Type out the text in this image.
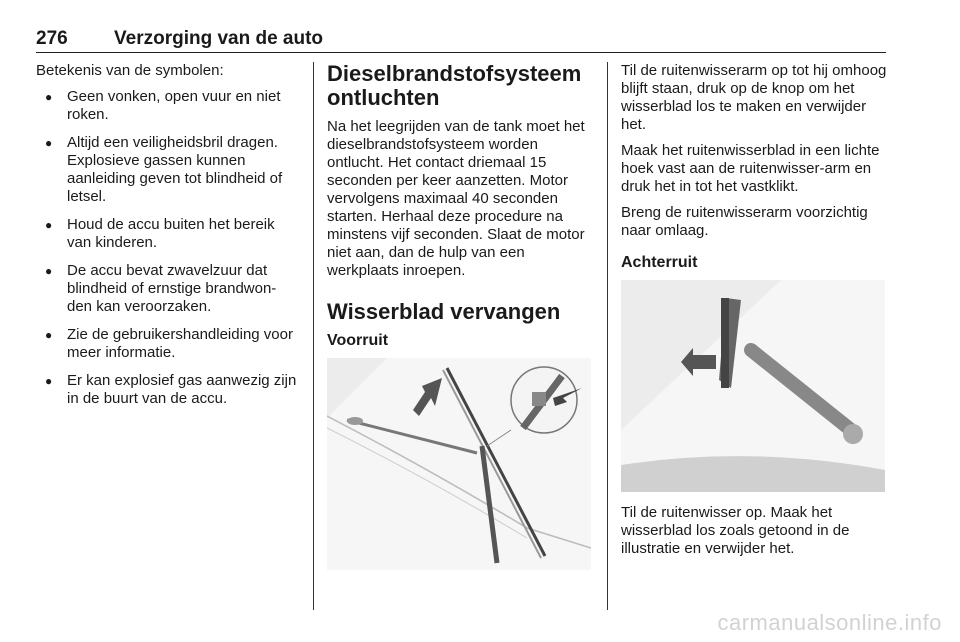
276 Verzorging van de auto

Betekenis van de symbolen:

● Geen vonken, open vuur en niet roken.
● Altijd een veiligheidsbril dragen. Explosieve gassen kunnen aanleiding geven tot blindheid of letsel.
● Houd de accu buiten het bereik van kinderen.
● De accu bevat zwavelzuur dat blindheid of ernstige brandwon-den kan veroorzaken.
● Zie de gebruikershandleiding voor meer informatie.
● Er kan explosief gas aanwezig zijn in de buurt van de accu.
Dieselbrandstofsysteem ontluchten

Na het leegrijden van de tank moet het dieselbrandstofsysteem worden ontlucht. Het contact driemaal 15 seconden per keer aanzetten. Motor vervolgens maximaal 40 seconden starten. Herhaal deze procedure na minstens vijf seconden. Slaat de motor niet aan, dan de hulp van een werkplaats inroepen.

Wisserblad vervangen
Voorruit

Til de ruitenwisserarm op tot hij omhoog blijft staan, druk op de knop om het wisserblad los te maken en verwijder het.

Maak het ruitenwisserblad in een lichte hoek vast aan de ruitenwisser-arm en druk het in tot het vastklikt.

Breng de ruitenwisserarm voorzichtig naar omlaag.

Achterruit

Til de ruitenwisser op. Maak het wisserblad los zoals getoond in de illustratie en verwijder het.

carmanualsonline.info
